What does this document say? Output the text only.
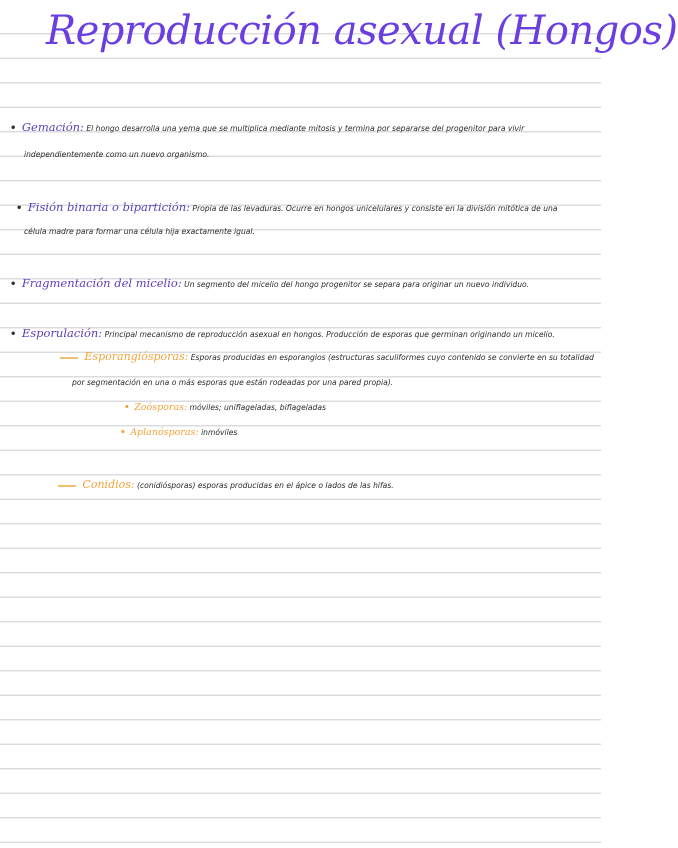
Reproducción asexual (Hongos)
• Gemación: El hongo desarrolla una yema que se multiplica mediante mitosis y termina por separarse del progenitor para vivir
independientemente como un nuevo organismo.
• Fisión binaria o bipartición: Propia de las levaduras. Ocurre en hongos unicelulares y consiste en la división mitótica de una
célula madre para formar una célula hija exactamente igual.
• Fragmentación del micelio: Un segmento del micelio del hongo progenitor se separa para originar un nuevo individuo.
• Esporulación: Principal mecanismo de reproducción asexual en hongos. Producción de esporas que germinan originando un micelio.
Esporangiósporas: Esporas producidas en esporangios (estructuras saculiformes cuyo contenido se convierte en su totalidad
por segmentación en una o más esporas que están rodeadas por una pared propia).
• Zoósporas: móviles; uniflageladas, biflageladas
• Aplanósporas: inmóviles
Conidios: (conidiósporas) esporas producidas en el ápice o lados de las hifas.
